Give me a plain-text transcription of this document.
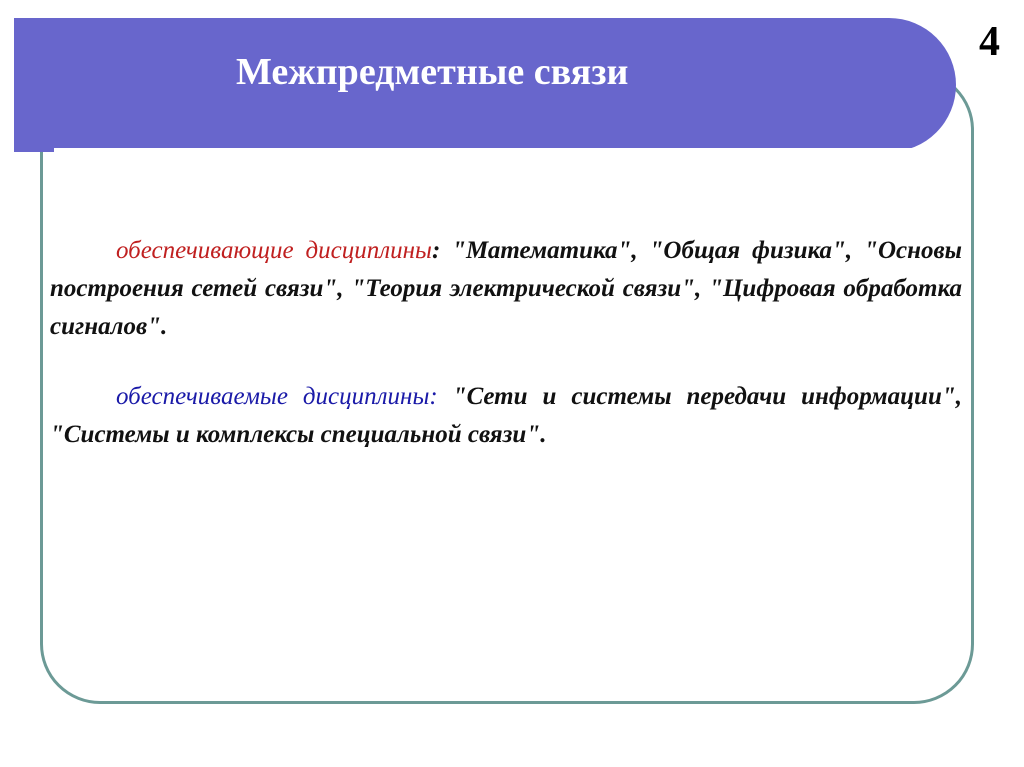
Межпредметные связи
4

обеспечивающие дисциплины: "Математика", "Общая физика", "Основы построения сетей связи", "Теория электрической связи", "Цифровая обработка сигналов".

обеспечиваемые дисциплины: "Сети и системы передачи информации", "Системы и комплексы специальной связи".
